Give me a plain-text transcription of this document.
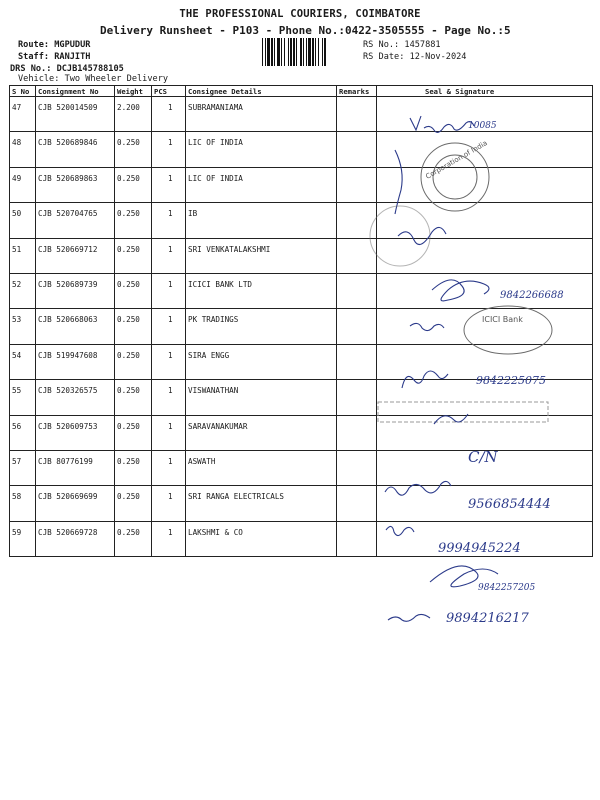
THE PROFESSIONAL COURIERS, COIMBATORE
Delivery Runsheet - P103 - Phone No.:0422-3505555 - Page No.:5
Route: MGPUDUR
Staff: RANJITH
DRS No.: DCJB145788105
Vehicle: Two Wheeler Delivery
RS No.: 1457881
RS Date: 12-Nov-2024
S No	Consignment No	Weight	PCS	Consignee Details	Remarks	Seal & Signature
47	CJB 520014509	2.200	1	SUBRAMANIAMA		
48	CJB 520689846	0.250	1	LIC OF INDIA		
49	CJB 520689863	0.250	1	LIC OF INDIA		
50	CJB 520704765	0.250	1	IB		
51	CJB 520669712	0.250	1	SRI VENKATALAKSHMI		
52	CJB 520689739	0.250	1	ICICI BANK LTD		
53	CJB 520668063	0.250	1	PK TRADINGS		
54	CJB 519947608	0.250	1	SIRA ENGG		
55	CJB 520326575	0.250	1	VISWANATHAN		
56	CJB 520609753	0.250	1	SARAVANAKUMAR		
57	CJB 80776199	0.250	1	ASWATH		
58	CJB 520669699	0.250	1	SRI RANGA ELECTRICALS		
59	CJB 520669728	0.250	1	LAKSHMI & CO		
10085
Corporation of India
9842266688
ICICI Bank
9842225075
C/N
9566854444
9994945224
9842257205
9894216217
